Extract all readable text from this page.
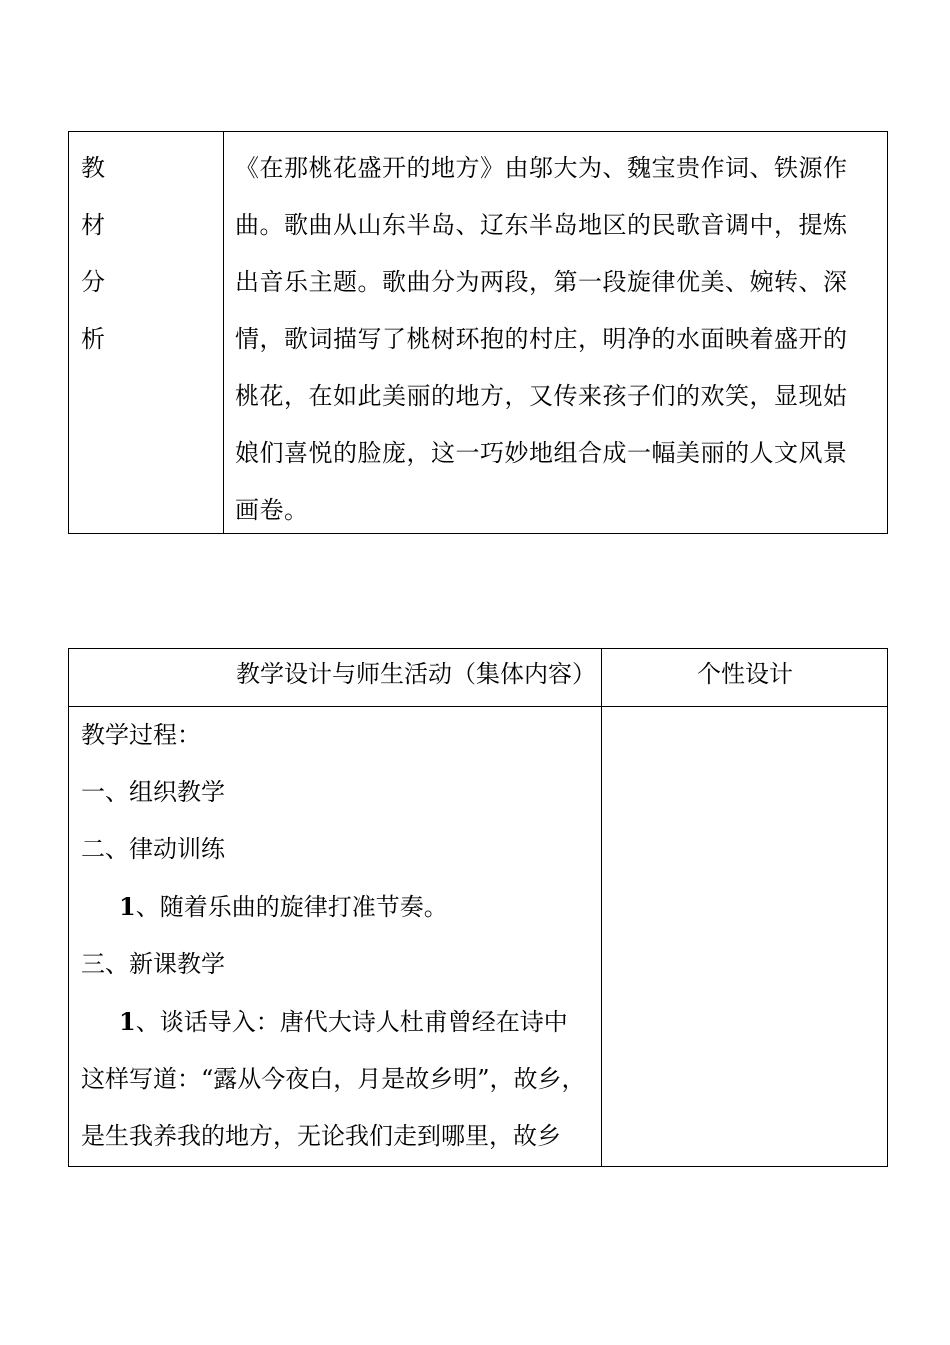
教
材
分
析
《在那桃花盛开的地方》由邬大为、魏宝贵作词、铁源作
曲。歌曲从山东半岛、辽东半岛地区的民歌音调中，提炼
出音乐主题。歌曲分为两段，第一段旋律优美、婉转、深
情，歌词描写了桃树环抱的村庄，明净的水面映着盛开的
桃花，在如此美丽的地方，又传来孩子们的欢笑，显现姑
娘们喜悦的脸庞，这一巧妙地组合成一幅美丽的人文风景
画卷。
教学设计与师生活动（集体内容）	个性设计

教学过程：

一、组织教学

二、律动训练

1、随着乐曲的旋律打准节奏。

三、新课教学

1、谈话导入：唐代大诗人杜甫曾经在诗中

这样写道：“露从今夜白，月是故乡明”，故乡，

是生我养我的地方，无论我们走到哪里，故乡
